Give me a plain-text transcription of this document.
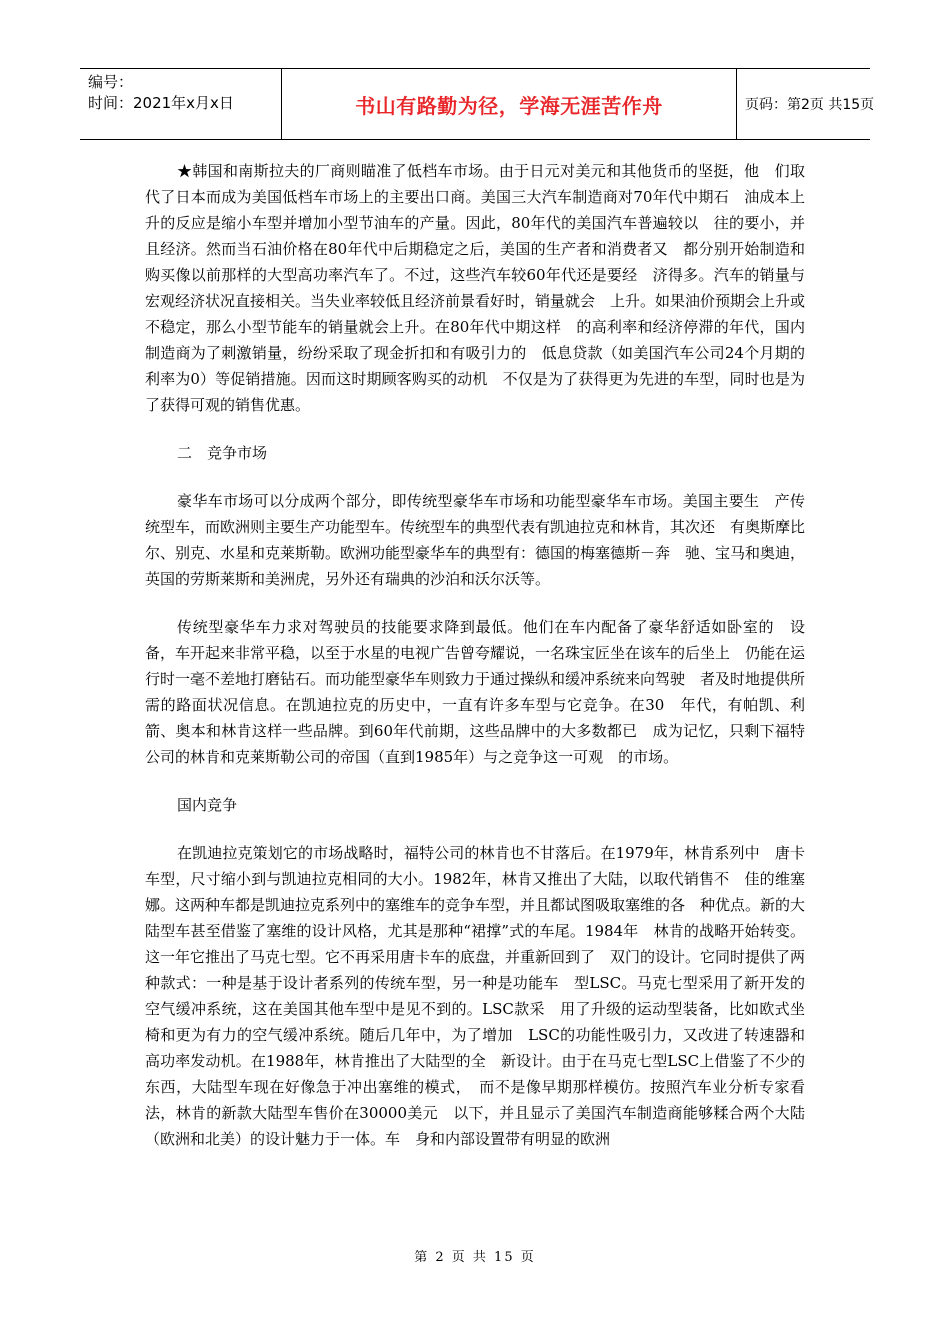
编号：
时间：2021年x月x日	书山有路勤为径，学海无涯苦作舟	页码：第2页 共15页

★韩国和南斯拉夫的厂商则瞄准了低档车市场。由于日元对美元和其他货币的坚挺，他　们取代了日本而成为美国低档车市场上的主要出口商。美国三大汽车制造商对70年代中期石　油成本上升的反应是缩小车型并增加小型节油车的产量。因此，80年代的美国汽车普遍较以　往的要小，并且经济。然而当石油价格在80年代中后期稳定之后，美国的生产者和消费者又　都分别开始制造和购买像以前那样的大型高功率汽车了。不过，这些汽车较60年代还是要经　济得多。汽车的销量与宏观经济状况直接相关。当失业率较低且经济前景看好时，销量就会　上升。如果油价预期会上升或不稳定，那么小型节能车的销量就会上升。在80年代中期这样　的高利率和经济停滞的年代，国内制造商为了刺激销量，纷纷采取了现金折扣和有吸引力的　低息贷款（如美国汽车公司24个月期的利率为0）等促销措施。因而这时期顾客购买的动机　不仅是为了获得更为先进的车型，同时也是为了获得可观的销售优惠。

二　竞争市场

豪华车市场可以分成两个部分，即传统型豪华车市场和功能型豪华车市场。美国主要生　产传统型车，而欧洲则主要生产功能型车。传统型车的典型代表有凯迪拉克和林肯，其次还　有奥斯摩比尔、别克、水星和克莱斯勒。欧洲功能型豪华车的典型有：德国的梅塞德斯－奔　驰、宝马和奥迪，英国的劳斯莱斯和美洲虎，另外还有瑞典的沙泊和沃尔沃等。

传统型豪华车力求对驾驶员的技能要求降到最低。他们在车内配备了豪华舒适如卧室的　设备，车开起来非常平稳，以至于水星的电视广告曾夸耀说，一名珠宝匠坐在该车的后坐上　仍能在运行时一毫不差地打磨钻石。而功能型豪华车则致力于通过操纵和缓冲系统来向驾驶　者及时地提供所需的路面状况信息。在凯迪拉克的历史中，一直有许多车型与它竞争。在30　年代，有帕凯、利箭、奥本和林肯这样一些品牌。到60年代前期，这些品牌中的大多数都已　成为记忆，只剩下福特公司的林肯和克莱斯勒公司的帝国（直到1985年）与之竞争这一可观　的市场。

国内竞争

在凯迪拉克策划它的市场战略时，福特公司的林肯也不甘落后。在1979年，林肯系列中　唐卡车型，尺寸缩小到与凯迪拉克相同的大小。1982年，林肯又推出了大陆，以取代销售不　佳的维塞娜。这两种车都是凯迪拉克系列中的塞维车的竞争车型，并且都试图吸取塞维的各　种优点。新的大陆型车甚至借鉴了塞维的设计风格，尤其是那种“裙撑”式的车尾。1984年　林肯的战略开始转变。这一年它推出了马克七型。它不再采用唐卡车的底盘，并重新回到了　双门的设计。它同时提供了两种款式：一种是基于设计者系列的传统车型，另一种是功能车　型LSC。马克七型采用了新开发的空气缓冲系统，这在美国其他车型中是见不到的。LSC款采　用了升级的运动型装备，比如欧式坐椅和更为有力的空气缓冲系统。随后几年中，为了增加　LSC的功能性吸引力，又改进了转速器和高功率发动机。在1988年，林肯推出了大陆型的全　新设计。由于在马克七型LSC上借鉴了不少的东西，大陆型车现在好像急于冲出塞维的模式，　而不是像早期那样模仿。按照汽车业分析专家看法，林肯的新款大陆型车售价在30000美元　以下，并且显示了美国汽车制造商能够糅合两个大陆（欧洲和北美）的设计魅力于一体。车　身和内部设置带有明显的欧洲

第 2 页 共 15 页
